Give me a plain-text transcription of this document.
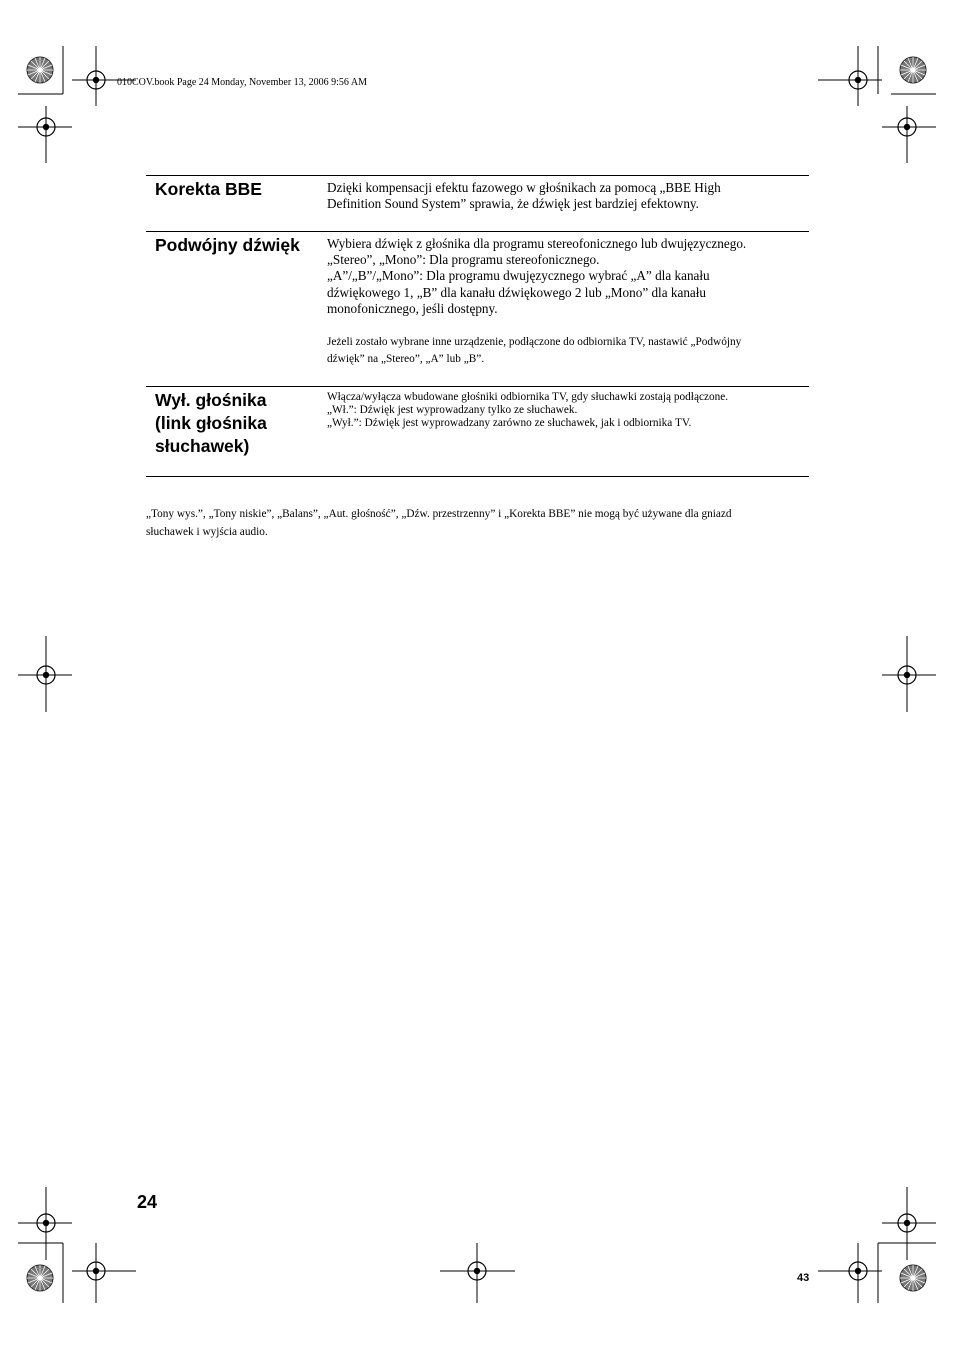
010COV.book Page 24 Monday, November 13, 2006 9:56 AM
Korekta BBE	Dzięki kompensacji efektu fazowego w głośnikach za pomocą „BBE High
Definition Sound System” sprawia, że dźwięk jest bardziej efektowny.
Podwójny dźwięk	Wybiera dźwięk z głośnika dla programu stereofonicznego lub dwujęzycznego.
„Stereo”, „Mono”: Dla programu stereofonicznego.
„A”/„B”/„Mono”: Dla programu dwujęzycznego wybrać „A” dla kanału
dźwiękowego 1, „B” dla kanału dźwiękowego 2 lub „Mono” dla kanału
monofonicznego, jeśli dostępny.
Jeżeli zostało wybrane inne urządzenie, podłączone do odbiornika TV, nastawić „Podwójny
dźwięk” na „Stereo”, „A” lub „B”.
Wył. głośnika
(link głośnika
słuchawek)
Włącza/wyłącza wbudowane głośniki odbiornika TV, gdy słuchawki zostają podłączone.
„Wł.”: Dźwięk jest wyprowadzany tylko ze słuchawek.
„Wył.”: Dźwięk jest wyprowadzany zarówno ze słuchawek, jak i odbiornika TV.
„Tony wys.”, „Tony niskie”, „Balans”, „Aut. głośność”, „Dźw. przestrzenny” i „Korekta BBE” nie mogą być używane dla gniazd
słuchawek i wyjścia audio.
24
43
